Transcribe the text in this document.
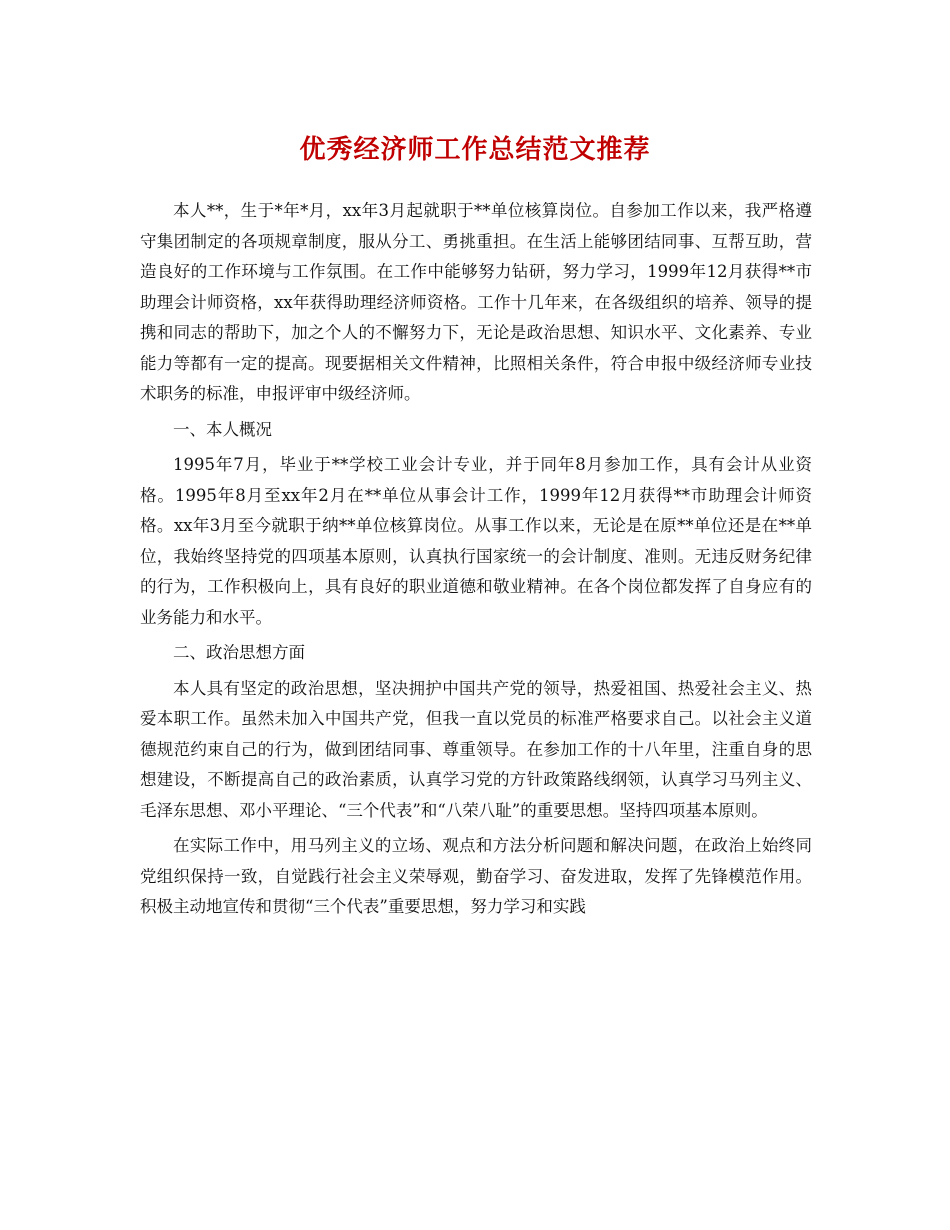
优秀经济师工作总结范文推荐

本人**，生于*年*月，xx年3月起就职于**单位核算岗位。自参加工作以来，我严格遵守集团制定的各项规章制度，服从分工、勇挑重担。在生活上能够团结同事、互帮互助，营造良好的工作环境与工作氛围。在工作中能够努力钻研，努力学习，1999年12月获得**市助理会计师资格，xx年获得助理经济师资格。工作十几年来，在各级组织的培养、领导的提携和同志的帮助下，加之个人的不懈努力下，无论是政治思想、知识水平、文化素养、专业能力等都有一定的提高。现要据相关文件精神，比照相关条件，符合申报中级经济师专业技术职务的标准，申报评审中级经济师。

一、本人概况

1995年7月，毕业于**学校工业会计专业，并于同年8月参加工作，具有会计从业资格。1995年8月至xx年2月在**单位从事会计工作，1999年12月获得**市助理会计师资格。xx年3月至今就职于纳**单位核算岗位。从事工作以来，无论是在原**单位还是在**单位，我始终坚持党的四项基本原则，认真执行国家统一的会计制度、准则。无违反财务纪律的行为，工作积极向上，具有良好的职业道德和敬业精神。在各个岗位都发挥了自身应有的业务能力和水平。

二、政治思想方面

本人具有坚定的政治思想，坚决拥护中国共产党的领导，热爱祖国、热爱社会主义、热爱本职工作。虽然未加入中国共产党，但我一直以党员的标准严格要求自己。以社会主义道德规范约束自己的行为，做到团结同事、尊重领导。在参加工作的十八年里，注重自身的思想建设，不断提高自己的政治素质，认真学习党的方针政策路线纲领，认真学习马列主义、毛泽东思想、邓小平理论、“三个代表”和“八荣八耻”的重要思想。坚持四项基本原则。

在实际工作中，用马列主义的立场、观点和方法分析问题和解决问题，在政治上始终同党组织保持一致，自觉践行社会主义荣辱观，勤奋学习、奋发进取，发挥了先锋模范作用。积极主动地宣传和贯彻“三个代表”重要思想，努力学习和实践
